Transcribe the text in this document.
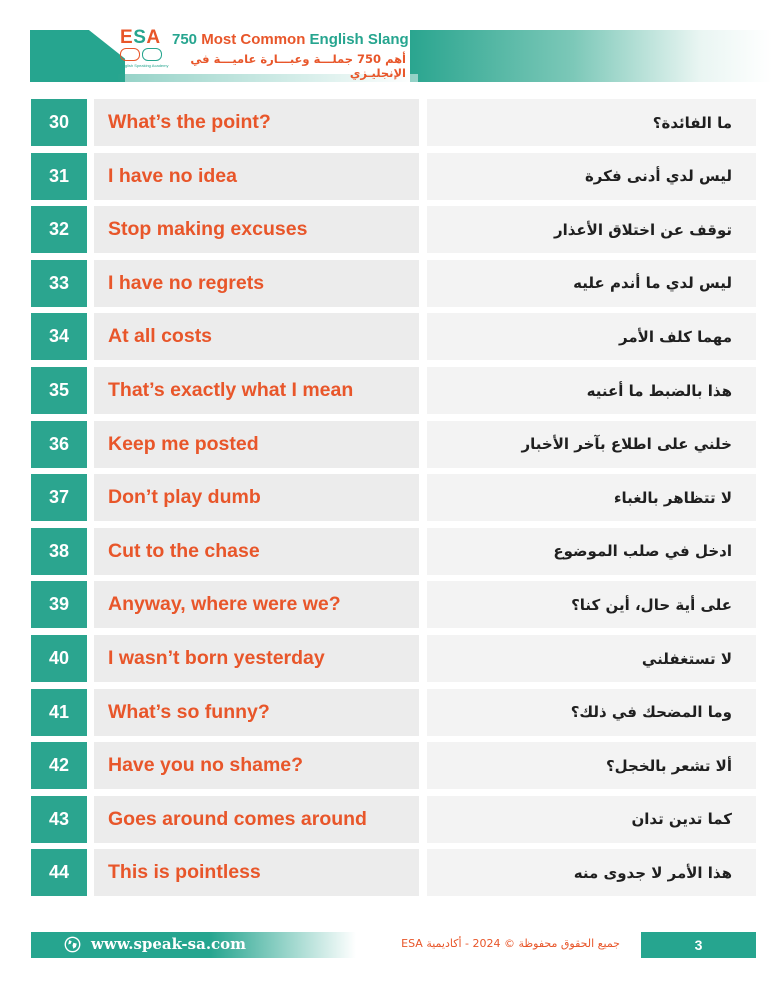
ESA
English Speaking Academy
750 Most Common English Slang
أهم 750 جملـــة وعبـــارة عاميـــة في الإنجليـزي
30	What’s the point?	ما الفائدة؟
31	I have no idea	ليس لدي أدنى فكرة
32	Stop making excuses	توقف عن اختلاق الأعذار
33	I have no regrets	ليس لدي ما أندم عليه
34	At all costs	مهما كلف الأمر
35	That’s exactly what I mean	هذا بالضبط ما أعنيه
36	Keep me posted	خلني على اطلاع بآخر الأخبار
37	Don’t play dumb	لا تتظاهر بالغباء
38	Cut to the chase	ادخل في صلب الموضوع
39	Anyway, where were we?	على أية حال، أين كنا؟
40	I wasn’t born yesterday	لا تستغفلني
41	What’s so funny?	وما المضحك في ذلك؟
42	Have you no shame?	ألا تشعر بالخجل؟
43	Goes around comes around	كما تدين تدان
44	This is pointless	هذا الأمر لا جدوى منه
www.speak-sa.com	جميع الحقوق محفوظة © 2024 - أكاديمية ESA	3
